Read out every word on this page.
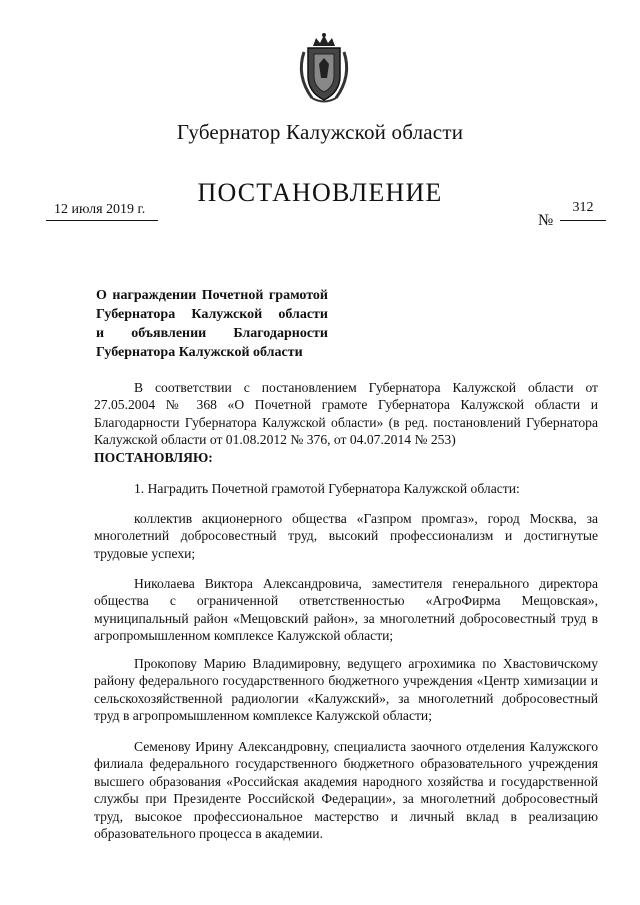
Губернатор Калужской области
ПОСТАНОВЛЕНИЕ
12 июля 2019 г.
№
312
О награждении Почетной грамотой
Губернатора Калужской области
и объявлении Благодарности
Губернатора Калужской области
В соответствии с постановлением Губернатора Калужской области от 27.05.2004 № 368 «О Почетной грамоте Губернатора Калужской области и Благодарности Губернатора Калужской области» (в ред. постановлений Губернатора Калужской области от 01.08.2012 № 376, от 04.07.2014 № 253)
ПОСТАНОВЛЯЮ:
1. Наградить Почетной грамотой Губернатора Калужской области:
коллектив акционерного общества «Газпром промгаз», город Москва, за многолетний добросовестный труд, высокий профессионализм и достигнутые трудовые успехи;
Николаева Виктора Александровича, заместителя генерального директора общества с ограниченной ответственностью «АгроФирма Мещовская», муниципальный район «Мещовский район», за многолетний добросовестный труд в агропромышленном комплексе Калужской области;
Прокопову Марию Владимировну, ведущего агрохимика по Хвастовичскому району федерального государственного бюджетного учреждения «Центр химизации и сельскохозяйственной радиологии «Калужский», за многолетний добросовестный труд в агропромышленном комплексе Калужской области;
Семенову Ирину Александровну, специалиста заочного отделения Калужского филиала федерального государственного бюджетного образовательного учреждения высшего образования «Российская академия народного хозяйства и государственной службы при Президенте Российской Федерации», за многолетний добросовестный труд, высокое профессиональное мастерство и личный вклад в реализацию образовательного процесса в академии.
